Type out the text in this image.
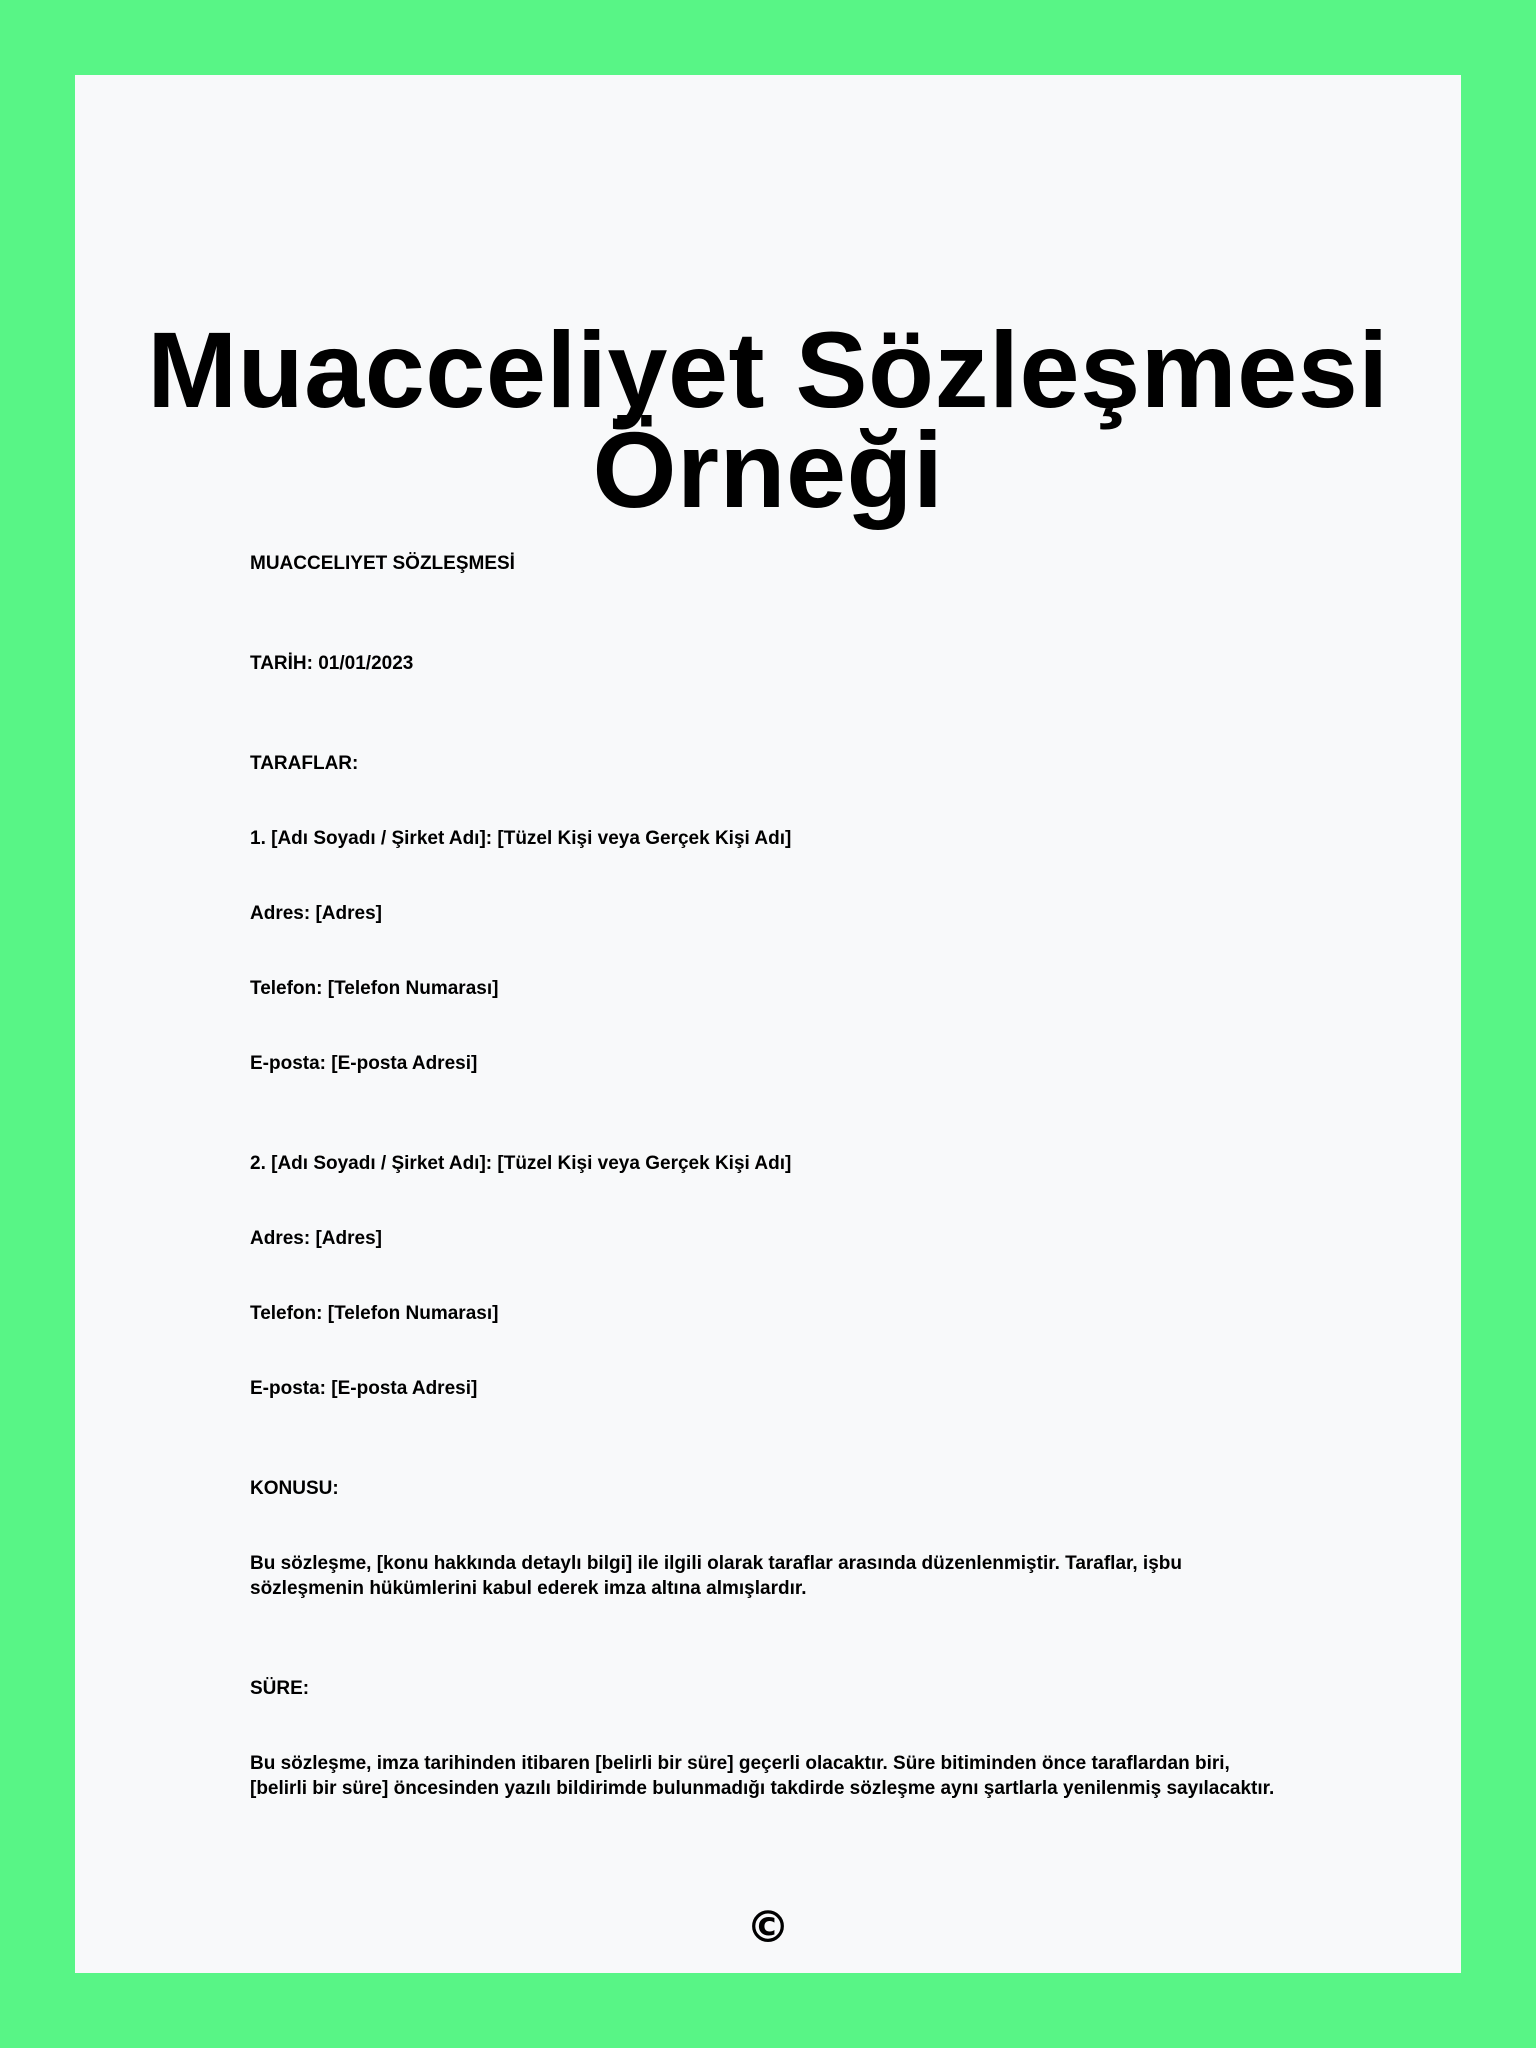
Muacceliyet Sözleşmesi Örneği

MUACCELIYET SÖZLEŞMESİ

TARİH: 01/01/2023

TARAFLAR:

1. [Adı Soyadı / Şirket Adı]: [Tüzel Kişi veya Gerçek Kişi Adı]

Adres: [Adres]

Telefon: [Telefon Numarası]

E-posta: [E-posta Adresi]

2. [Adı Soyadı / Şirket Adı]: [Tüzel Kişi veya Gerçek Kişi Adı]

Adres: [Adres]

Telefon: [Telefon Numarası]

E-posta: [E-posta Adresi]

KONUSU:

Bu sözleşme, [konu hakkında detaylı bilgi] ile ilgili olarak taraflar arasında düzenlenmiştir. Taraflar, işbu sözleşmenin hükümlerini kabul ederek imza altına almışlardır.

SÜRE:

Bu sözleşme, imza tarihinden itibaren [belirli bir süre] geçerli olacaktır. Süre bitiminden önce taraflardan biri, [belirli bir süre] öncesinden yazılı bildirimde bulunmadığı takdirde sözleşme aynı şartlarla yenilenmiş sayılacaktır.

©
